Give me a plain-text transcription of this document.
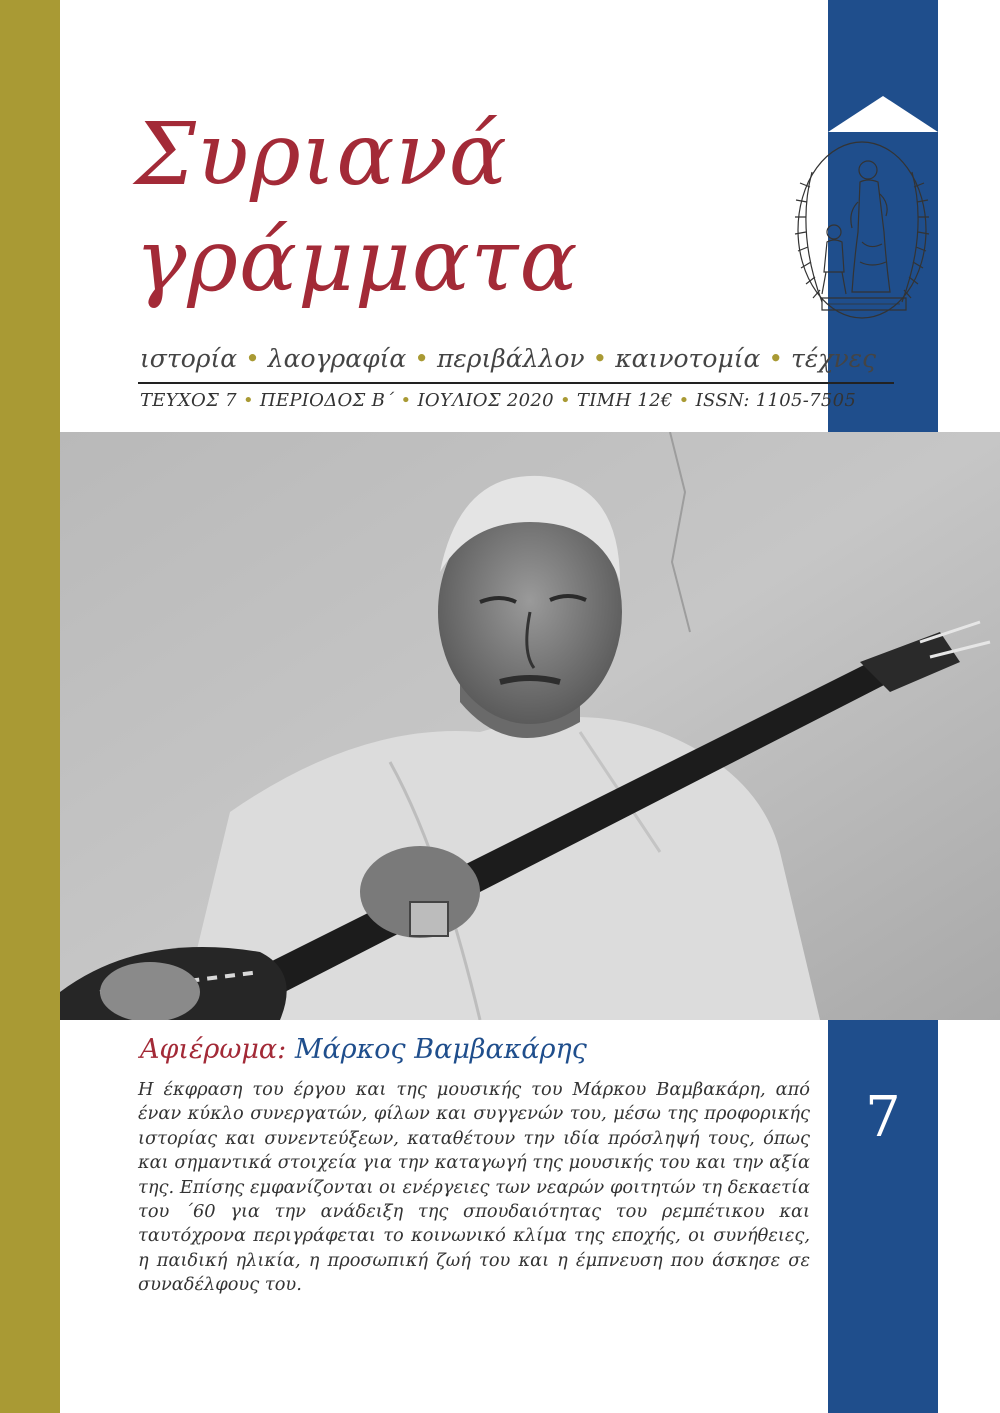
Συριανά
γράμματα
ιστορία • λαογραφία • περιβάλλον • καινοτομία • τέχνες
ΤΕΥΧΟΣ 7 • ΠΕΡΙΟΔΟΣ Β΄ • ΙΟΥΛΙΟΣ 2020 • ΤΙΜΗ 12€ • ISSN: 1105-7505
Αφιέρωμα: Μάρκος Βαμβακάρης
Η έκφραση του έργου και της μουσικής του Μάρκου Βαμβακάρη, από έναν κύκλο συνεργατών, φίλων και συγγενών του, μέσω της προφορικής ιστορίας και συνεντεύξεων, καταθέτουν την ιδία πρόσληψή τους, όπως και σημαντικά στοιχεία για την καταγωγή της μουσικής του και την αξία της. Επίσης εμφανίζονται οι ενέργειες των νεαρών φοιτητών τη δεκαετία του ΄60 για την ανάδειξη της σπουδαιότητας του ρεμπέτικου και ταυτόχρονα περιγράφεται το κοινωνικό κλίμα της εποχής, οι συνήθειες, η παιδική ηλικία, η προσωπική ζωή του και η έμπνευση που άσκησε σε συναδέλφους του.
7
